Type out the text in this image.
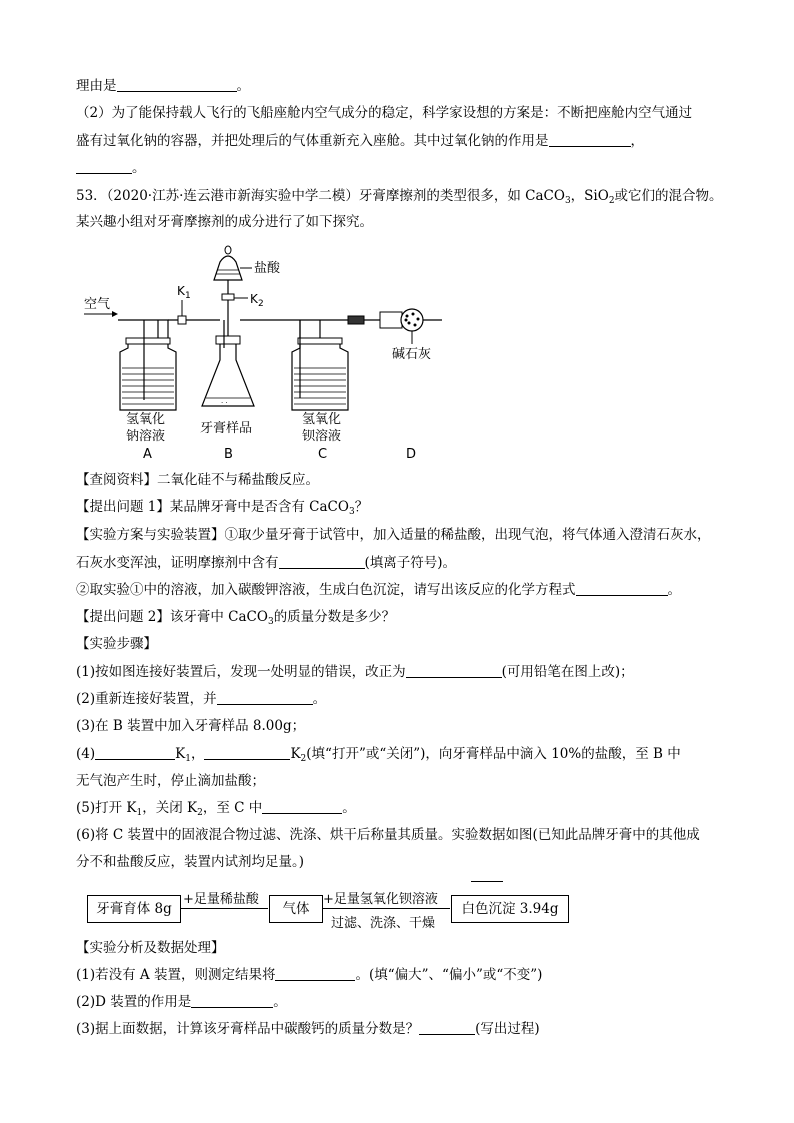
理由是	。
（2）为了能保持载人飞行的飞船座舱内空气成分的稳定，科学家设想的方案是：不断把座舱内空气通过
盛有过氧化钠的容器，并把处理后的气体重新充入座舱。其中过氧化钠的作用是	，
。
53．（2020·江苏·连云港市新海实验中学二模）牙膏摩擦剂的类型很多，如 CaCO$_3$，SiO$_2$或它们的混合物。
某兴趣小组对牙膏摩擦剂的成分进行了如下探究。
空气
K 1
氢氧化
钠溶液
A
盐酸
K 2
· ·
牙膏样品
B
氢氧化
钡溶液
C
碱石灰
D
【查阅资料】二氧化硅不与稀盐酸反应。
【提出问题 1】某品牌牙膏中是否含有 CaCO$_3$？
【实验方案与实验装置】①取少量牙膏于试管中，加入适量的稀盐酸，出现气泡，将气体通入澄清石灰水，
石灰水变浑浊，证明摩擦剂中含有	(填离子符号)。
②取实验①中的溶液，加入碳酸钾溶液，生成白色沉淀，请写出该反应的化学方程式	。
【提出问题 2】该牙膏中 CaCO$_3$的质量分数是多少？
【实验步骤】
(1)按如图连接好装置后，发现一处明显的错误，改正为	(可用铅笔在图上改)；
(2)重新连接好装置，并	。
(3)在 B 装置中加入牙膏样品 8.00g；
(4)	$K_1$，	$K_2$(填“打开”或“关闭”)，向牙膏样品中滴入 10%的盐酸，至 B 中
无气泡产生时，停止滴加盐酸；
(5)打开 $K_1$，关闭 $K_2$，至 C 中	。
(6)将 C 装置中的固液混合物过滤、洗涤、烘干后称量其质量。实验数据如图(已知此品牌牙膏中的其他成
分不和盐酸反应，装置内试剂均足量。)
牙膏育体 8g
+足量稀盐酸
气体
+足量氢氧化钡溶液
过滤、洗涤、干燥
白色沉淀 3.94g
【实验分析及数据处理】
(1)若没有 A 装置，则测定结果将	。(填“偏大”、“偏小”或“不变”)
(2)D 装置的作用是	。
(3)据上面数据，计算该牙膏样品中碳酸钙的质量分数是？	(写出过程)
